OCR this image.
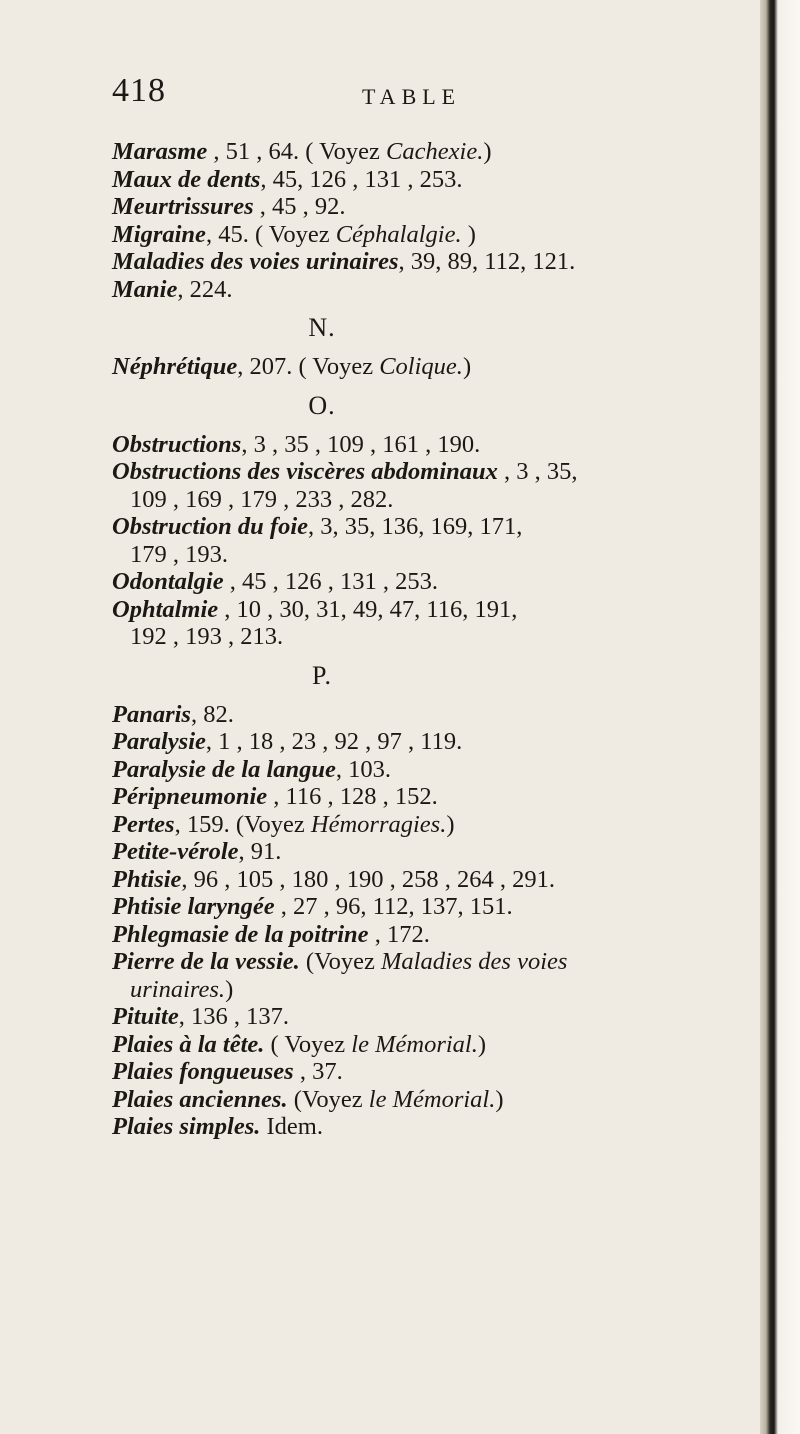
418	TABLE
Marasme , 51 , 64. ( Voyez Cachexie.)
Maux de dents, 45, 126 , 131 , 253.
Meurtrissures , 45 , 92.
Migraine, 45. ( Voyez Céphalalgie. )
Maladies des voies urinaires, 39, 89, 112, 121.
Manie, 224.
N.
Néphrétique, 207. ( Voyez Colique.)
O.
Obstructions, 3 , 35 , 109 , 161 , 190.
Obstructions des viscères abdominaux , 3 , 35,
109 , 169 , 179 , 233 , 282.
Obstruction du foie, 3, 35, 136, 169, 171,
179 , 193.
Odontalgie , 45 , 126 , 131 , 253.
Ophtalmie , 10 , 30, 31, 49, 47, 116, 191,
192 , 193 , 213.
P.
Panaris, 82.
Paralysie, 1 , 18 , 23 , 92 , 97 , 119.
Paralysie de la langue, 103.
Péripneumonie , 116 , 128 , 152.
Pertes, 159. (Voyez Hémorragies.)
Petite-vérole, 91.
Phtisie, 96 , 105 , 180 , 190 , 258 , 264 , 291.
Phtisie laryngée , 27 , 96, 112, 137, 151.
Phlegmasie de la poitrine , 172.
Pierre de la vessie. (Voyez Maladies des voies
urinaires.)
Pituite, 136 , 137.
Plaies à la tête. ( Voyez le Mémorial.)
Plaies fongueuses , 37.
Plaies anciennes. (Voyez le Mémorial.)
Plaies simples. Idem.
